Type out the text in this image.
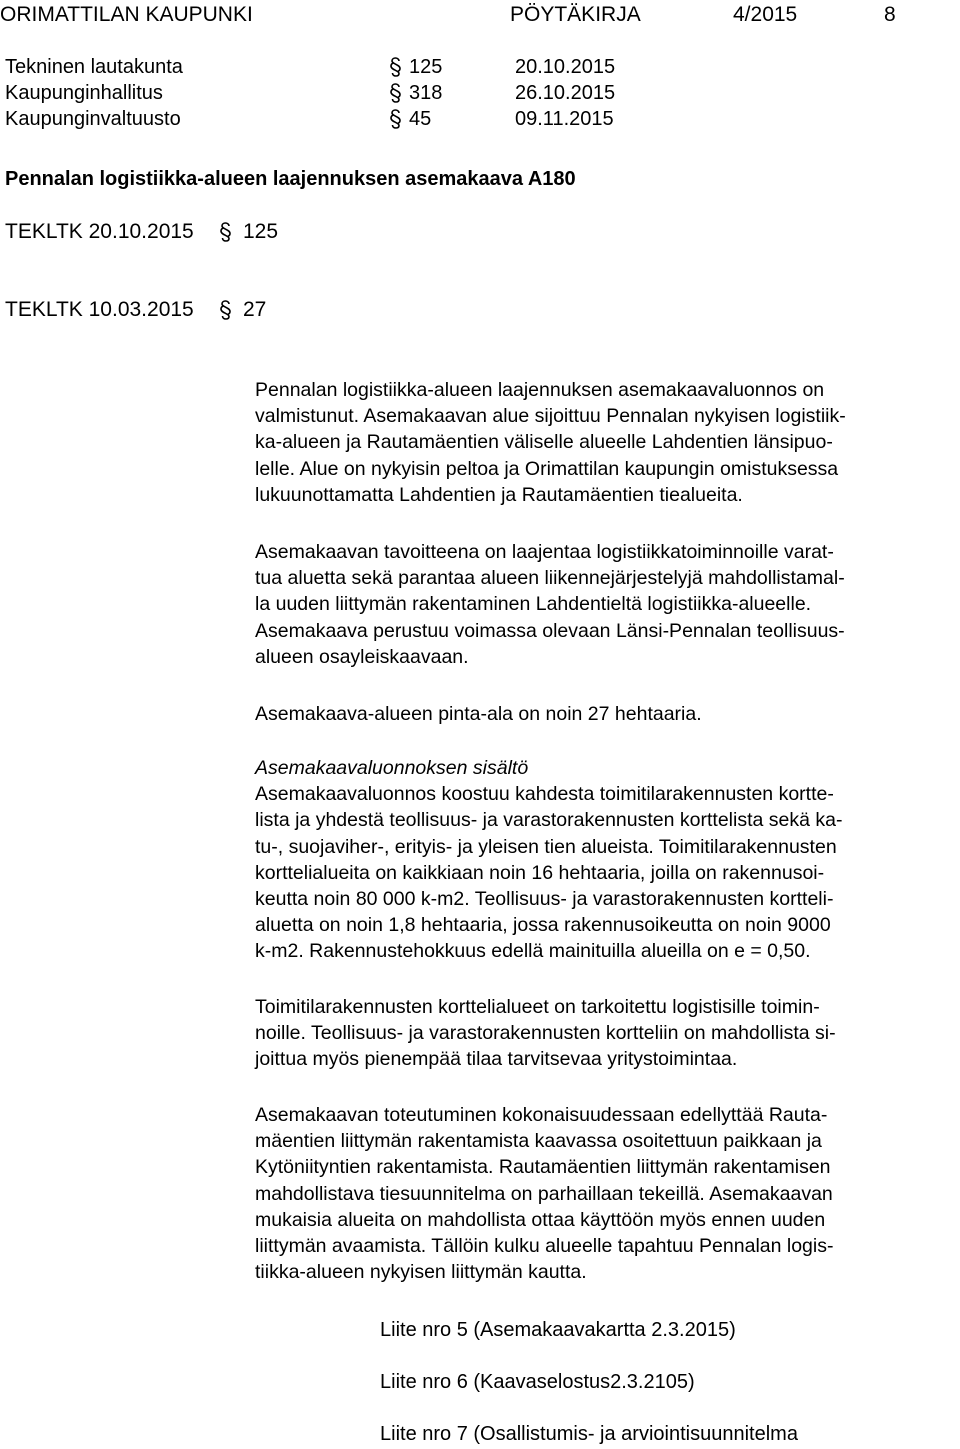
ORIMATTILAN KAUPUNKI	PÖYTÄKIRJA	4/2015	8
Tekninen lautakunta	125	20.10.2015
Kaupunginhallitus	318	26.10.2015
Kaupunginvaltuusto	45	09.11.2015
Pennalan logistiikka-alueen laajennuksen asemakaava A180
TEKLTK 20.10.2015 125
TEKLTK 10.03.2015 27
Pennalan logistiikka-alueen laajennuksen asemakaavaluonnos on
valmistunut. Asemakaavan alue sijoittuu Pennalan nykyisen logistiik-
ka-alueen ja Rautamäentien väliselle alueelle Lahdentien länsipuo-
lelle. Alue on nykyisin peltoa ja Orimattilan kaupungin omistuksessa
lukuunottamatta Lahdentien ja Rautamäentien tiealueita.
Asemakaavan tavoitteena on laajentaa logistiikkatoiminnoille varat-
tua aluetta sekä parantaa alueen liikennejärjestelyjä mahdollistamal-
la uuden liittymän rakentaminen Lahdentieltä logistiikka-alueelle.
Asemakaava perustuu voimassa olevaan Länsi-Pennalan teollisuus-
alueen osayleiskaavaan.
Asemakaava-alueen pinta-ala on noin 27 hehtaaria.
Asemakaavaluonnoksen sisältö
Asemakaavaluonnos koostuu kahdesta toimitilarakennusten kortte-
lista ja yhdestä teollisuus- ja varastorakennusten korttelista sekä ka-
tu-, suojaviher-, erityis- ja yleisen tien alueista. Toimitilarakennusten
korttelialueita on kaikkiaan noin 16 hehtaaria, joilla on rakennusoi-
keutta noin 80 000 k-m2. Teollisuus- ja varastorakennusten kortteli-
aluetta on noin 1,8 hehtaaria, jossa rakennusoikeutta on noin 9000
k-m2. Rakennustehokkuus edellä mainituilla alueilla on e = 0,50.
Toimitilarakennusten korttelialueet on tarkoitettu logistisille toimin-
noille. Teollisuus- ja varastorakennusten kortteliin on mahdollista si-
joittua myös pienempää tilaa tarvitsevaa yritystoimintaa.
Asemakaavan toteutuminen kokonaisuudessaan edellyttää Rauta-
mäentien liittymän rakentamista kaavassa osoitettuun paikkaan ja
Kytöniityntien rakentamista. Rautamäentien liittymän rakentamisen
mahdollistava tiesuunnitelma on parhaillaan tekeillä. Asemakaavan
mukaisia alueita on mahdollista ottaa käyttöön myös ennen uuden
liittymän avaamista. Tällöin kulku alueelle tapahtuu Pennalan logis-
tiikka-alueen nykyisen liittymän kautta.
Liite nro 5 (Asemakaavakartta 2.3.2015)
Liite nro 6 (Kaavaselostus2.3.2105)
Liite nro 7 (Osallistumis- ja arviointisuunnitelma
